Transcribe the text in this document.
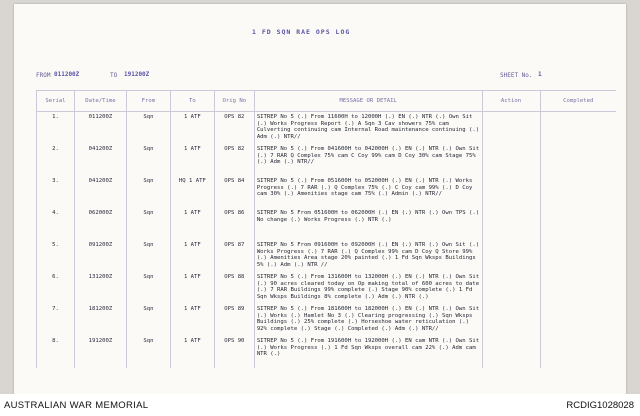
1 FD SQN RAE OPS LOG
FROM 011200Z	TO 191200Z	SHEET No. 1
Serial	Date/Time	From	To	Orig No	MESSAGE OR DETAIL	Action	Completed
1.	011200Z	Sqn	1 ATF	OPS 82	SITREP No 5 (.) From 11600H to 12000H (.) EN (.) NTR (.) Own Sit (.) Works Progress Report (.) A Sqn 3 Cav showers 75% cam Culverting continuing cam Internal Road maintenance continuing (.) Adm (.) NTR//		
2.	041200Z	Sqn	1 ATF	OPS 82	SITREP No 5 (.) From 041600H to 042000H (.) EN (.) NTR (.) Own Sit (.) 7 RAR Q Complex 75% cam C Coy 99% cam D Coy 30% cam Stage 75% (.) Adm (.) NTR//		
3.	041200Z	Sqn	HQ 1 ATF	OPS 84	SITREP No 5 (.) From 051600H to 052000H (.) EN (.) NTR (.) Works Progress (.) 7 RAR (.) Q Complex 75% (.) C Coy cam 99% (.) D Coy cam 30% (.) Amenities stage cam 75% (.) Admin (.) NTR//		
4.	062000Z	Sqn	1 ATF	OPS 86	SITREP No 5 From 051600H to 062000H (.) EN (.) NTR (.) Own TPS (.) No change (.) Works Progress (.) NTR (.)		
5.	091200Z	Sqn	1 ATF	OPS 87	SITREP No 5 From 091600H to 092000H (.) EN (.) NTR (.) Own Sit (.) Works Progress (.) 7 RAR (.) Q Complex 99% cam D Coy Q Store 99% (.) Amenities Area stage 20% painted (.) 1 Fd Sqn Wksps Buildings 5% (.) Adm (.) NTR //		
6.	131200Z	Sqn	1 ATF	OPS 88	SITREP No 5 (.) From 131600H to 132000H (.) EN (.) NTR (.) Own Sit (.) 90 acres cleared today on Op making total of 600 acres to date (.) 7 RAR Buildings 99% complete (.) Stage 90% complete (.) 1 Fd Sqn Wksps Buildings 8% complete (.) Adm (.) NTR (.)		
7.	181200Z	Sqn	1 ATF	OPS 89	SITREP No 5 (.) From 181600H to 182000H (.) EN (.) NTR (.) Own Sit (.) Works (.) Hamlet No 3 (.) Clearing progressing (.) Sqn Wksps Buildings (.) 25% complete (.) Horseshoe water reticulation (.) 92% complete (.) Stage (.) Completed (.) Adm (.) NTR//		
8.	191200Z	Sqn	1 ATF	OPS 90	SITREP No 5 (.) From 191600H to 192000H (.) EN cam NTR (.) Own Sit (.) Works Progress (.) 1 Fd Sqn Wksps overall cam 22% (.) Adm cam NTR (.)		
AUSTRALIAN WAR MEMORIAL	RCDIG1028028
